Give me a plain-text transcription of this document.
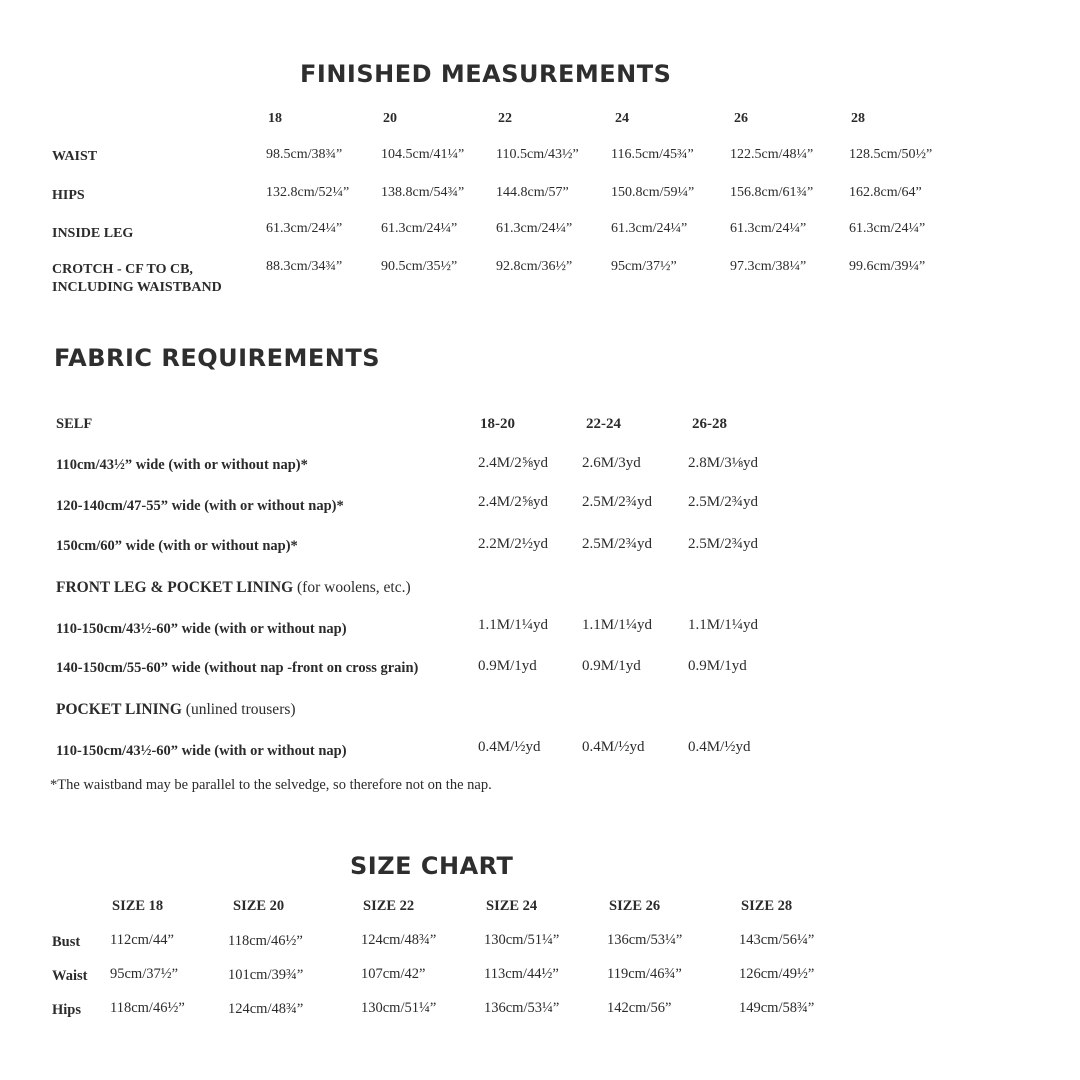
FINISHED MEASUREMENTS
18	20	22	24	26	28
WAIST	98.5cm/38¾”	104.5cm/41¼” 110.5cm/43½” 116.5cm/45¾”	122.5cm/48¼”	128.5cm/50½”
HIPS	132.8cm/52¼” 138.8cm/54¾” 144.8cm/57”	150.8cm/59¼”	156.8cm/61¾”	162.8cm/64”
INSIDE LEG	61.3cm/24¼”	61.3cm/24¼”	61.3cm/24¼”	61.3cm/24¼”	61.3cm/24¼”	61.3cm/24¼”
CROTCH - CF TO CB,
INCLUDING WAISTBAND
88.3cm/34¾”	90.5cm/35½”	92.8cm/36½”	95cm/37½”	97.3cm/38¼”	99.6cm/39¼”
FABRIC REQUIREMENTS
SELF	18-20	22-24	26-28
110cm/43½” wide (with or without nap)*	2.4M/2⅝yd 2.6M/3yd	2.8M/3⅛yd
120-140cm/47-55” wide (with or without nap)*	2.4M/2⅝yd 2.5M/2¾yd 2.5M/2¾yd
150cm/60” wide (with or without nap)*	2.2M/2½yd 2.5M/2¾yd 2.5M/2¾yd
FRONT LEG & POCKET LINING (for woolens, etc.)
110-150cm/43½-60” wide (with or without nap)	1.1M/1¼yd 1.1M/1¼yd 1.1M/1¼yd
140-150cm/55-60” wide (without nap -front on cross grain)	0.9M/1yd	0.9M/1yd	0.9M/1yd
POCKET LINING (unlined trousers)
110-150cm/43½-60” wide (with or without nap)	0.4M/½yd	0.4M/½yd	0.4M/½yd
*The waistband may be parallel to the selvedge, so therefore not on the nap.
SIZE CHART
SIZE 18	SIZE 20	SIZE 22	SIZE 24	SIZE 26	SIZE 28
Bust 112cm/44”	118cm/46½”	124cm/48¾”	130cm/51¼”	136cm/53¼”	143cm/56¼”
Waist 95cm/37½”	101cm/39¾”	107cm/42”	113cm/44½”	119cm/46¾”	126cm/49½”
Hips 118cm/46½”	124cm/48¾”	130cm/51¼”	136cm/53¼”	142cm/56”	149cm/58¾”
